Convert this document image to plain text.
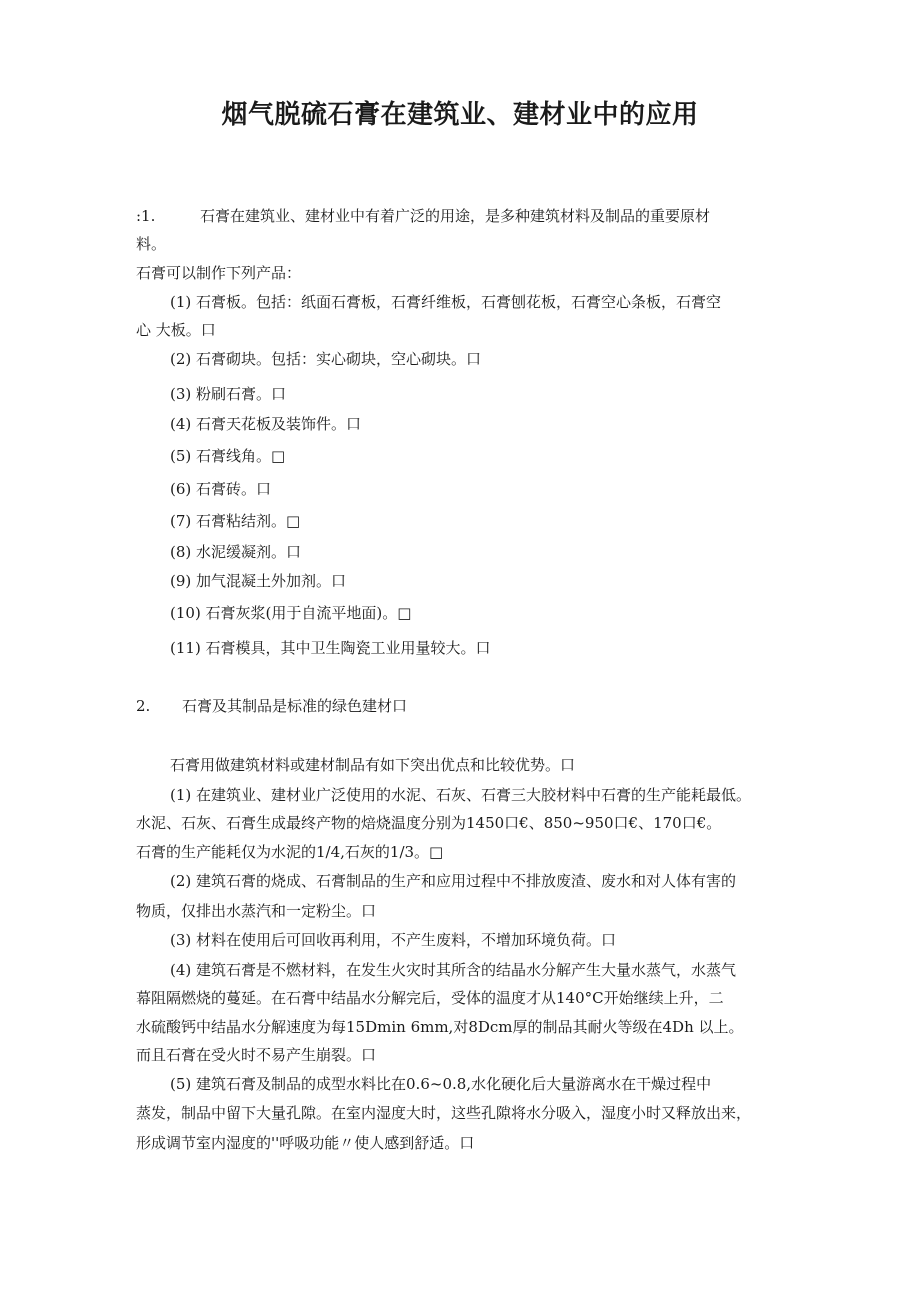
烟气脱硫石膏在建筑业、建材业中的应用
:1.	石膏在建筑业、建材业中有着广泛的用途，是多种建筑材料及制品的重要原材
料。
石膏可以制作下列产品：
(1) 石膏板。包括：纸面石膏板，石膏纤维板，石膏刨花板，石膏空心条板，石膏空
心 大板。口
(2) 石膏砌块。包括：实心砌块，空心砌块。口
(3) 粉刷石膏。口
(4) 石膏天花板及装饰件。口
(5) 石膏线角。□
(6) 石膏砖。口
(7) 石膏粘结剂。□
(8) 水泥缓凝剂。口
(9) 加气混凝土外加剂。口
(10) 石膏灰浆(用于自流平地面)。□
(11) 石膏模具，其中卫生陶瓷工业用量较大。口
2. 石膏及其制品是标准的绿色建材口
石膏用做建筑材料或建材制品有如下突出优点和比较优势。口
(1) 在建筑业、建材业广泛使用的水泥、石灰、石膏三大胶材料中石膏的生产能耗最低。
水泥、石灰、石膏生成最终产物的焙烧温度分别为1450口€、850~950口€、170口€。
石膏的生产能耗仅为水泥的1/4,石灰的1/3。□
(2) 建筑石膏的烧成、石膏制品的生产和应用过程中不排放废渣、废水和对人体有害的
物质，仅排出水蒸汽和一定粉尘。口
(3) 材料在使用后可回收再利用，不产生废料，不增加环境负荷。口
(4) 建筑石膏是不燃材料，在发生火灾时其所含的结晶水分解产生大量水蒸气，水蒸气
幕阻隔燃烧的蔓延。在石膏中结晶水分解完后，受体的温度才从140°C开始继续上升，二
水硫酸钙中结晶水分解速度为每15Dmin 6mm,对8Dcm厚的制品其耐火等级在4Dh 以上。
而且石膏在受火时不易产生崩裂。口
(5) 建筑石膏及制品的成型水料比在0.6~0.8,水化硬化后大量游离水在干燥过程中
蒸发，制品中留下大量孔隙。在室内湿度大时，这些孔隙将水分吸入，湿度小时又释放出来，
形成调节室内湿度的''呼吸功能〃使人感到舒适。口
